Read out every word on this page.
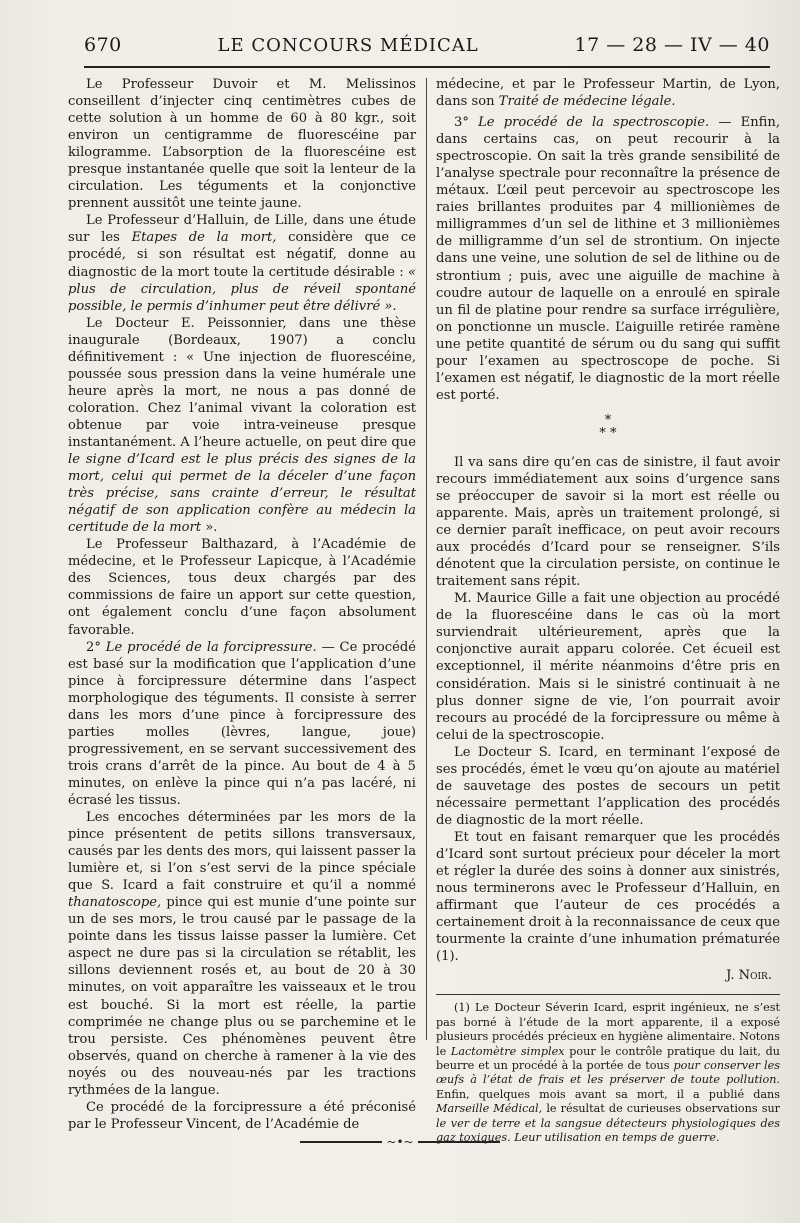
670	LE CONCOURS MÉDICAL	17 — 28 — IV — 40

Le Professeur Duvoir et M. Melissinos conseillent d’injecter cinq centimètres cubes de cette solution à un homme de 60 à 80 kgr., soit environ un centigramme de fluorescéine par kilogramme. L’absorption de la fluorescéine est presque instantanée quelle que soit la lenteur de la circulation. Les téguments et la conjonctive prennent aussitôt une teinte jaune.

Le Professeur d’Halluin, de Lille, dans une étude sur les Etapes de la mort, considère que ce procédé, si son résultat est négatif, donne au diagnostic de la mort toute la certitude désirable : « plus de circulation, plus de réveil spontané possible, le permis d’inhumer peut être délivré ».

Le Docteur E. Peissonnier, dans une thèse inaugurale (Bordeaux, 1907) a conclu définitivement : « Une injection de fluorescéine, poussée sous pression dans la veine humérale une heure après la mort, ne nous a pas donné de coloration. Chez l’animal vivant la coloration est obtenue par voie intra-veineuse presque instantanément. A l’heure actuelle, on peut dire que le signe d’Icard est le plus précis des signes de la mort, celui qui permet de la déceler d’une façon très précise, sans crainte d’erreur, le résultat négatif de son application confère au médecin la certitude de la mort ».

Le Professeur Balthazard, à l’Académie de médecine, et le Professeur Lapicque, à l’Académie des Sciences, tous deux chargés par des commissions de faire un apport sur cette question, ont également conclu d’une façon absolument favorable.

2° Le procédé de la forcipressure. — Ce procédé est basé sur la modification que l’application d’une pince à forcipressure détermine dans l’aspect morphologique des téguments. Il consiste à serrer dans les mors d’une pince à forcipressure des parties molles (lèvres, langue, joue) progressivement, en se servant successivement des trois crans d’arrêt de la pince. Au bout de 4 à 5 minutes, on enlève la pince qui n’a pas lacéré, ni écrasé les tissus.

Les encoches déterminées par les mors de la pince présentent de petits sillons transversaux, causés par les dents des mors, qui laissent passer la lumière et, si l’on s’est servi de la pince spéciale que S. Icard a fait construire et qu’il a nommé thanatoscope, pince qui est munie d’une pointe sur un de ses mors, le trou causé par le passage de la pointe dans les tissus laisse passer la lumière. Cet aspect ne dure pas si la circulation se rétablit, les sillons deviennent rosés et, au bout de 20 à 30 minutes, on voit apparaître les vaisseaux et le trou est bouché. Si la mort est réelle, la partie comprimée ne change plus ou se parchemine et le trou persiste. Ces phénomènes peuvent être observés, quand on cherche à ramener à la vie des noyés ou des nouveau-nés par les tractions rythmées de la langue.

Ce procédé de la forcipressure a été préconisé par le Professeur Vincent, de l’Académie de

médecine, et par le Professeur Martin, de Lyon, dans son Traité de médecine légale.

3° Le procédé de la spectroscopie. — Enfin, dans certains cas, on peut recourir à la spectroscopie. On sait la très grande sensibilité de l’analyse spectrale pour reconnaître la présence de métaux. L’œil peut percevoir au spectroscope les raies brillantes produites par 4 millionièmes de milligrammes d’un sel de lithine et 3 millionièmes de milligramme d’un sel de strontium. On injecte dans une veine, une solution de sel de lithine ou de strontium ; puis, avec une aiguille de machine à coudre autour de laquelle on a enroulé en spirale un fil de platine pour rendre sa surface irrégulière, on ponctionne un muscle. L’aiguille retirée ramène une petite quantité de sérum ou du sang qui suffit pour l’examen au spectroscope de poche. Si l’examen est négatif, le diagnostic de la mort réelle est porté.

*
* *

Il va sans dire qu’en cas de sinistre, il faut avoir recours immédiatement aux soins d’urgence sans se préoccuper de savoir si la mort est réelle ou apparente. Mais, après un traitement prolongé, si ce dernier paraît inefficace, on peut avoir recours aux procédés d’Icard pour se renseigner. S’ils dénotent que la circulation persiste, on continue le traitement sans répit.

M. Maurice Gille a fait une objection au procédé de la fluorescéine dans le cas où la mort surviendrait ultérieurement, après que la conjonctive aurait apparu colorée. Cet écueil est exceptionnel, il mérite néanmoins d’être pris en considération. Mais si le sinistré continuait à ne plus donner signe de vie, l’on pourrait avoir recours au procédé de la forcipressure ou même à celui de la spectroscopie.

Le Docteur S. Icard, en terminant l’exposé de ses procédés, émet le vœu qu’on ajoute au matériel de sauvetage des postes de secours un petit nécessaire permettant l’application des procédés de diagnostic de la mort réelle.

Et tout en faisant remarquer que les procédés d’Icard sont surtout précieux pour déceler la mort et régler la durée des soins à donner aux sinistrés, nous terminerons avec le Professeur d’Halluin, en affirmant que l’auteur de ces procédés a certainement droit à la reconnaissance de ceux que tourmente la crainte d’une inhumation prématurée (1).

J. Noir.

(1) Le Docteur Séverin Icard, esprit ingénieux, ne s’est pas borné à l’étude de la mort apparente, il a exposé plusieurs procédés précieux en hygiène alimentaire. Notons le Lactomètre simplex pour le contrôle pratique du lait, du beurre et un procédé à la portée de tous pour conserver les œufs à l’état de frais et les préserver de toute pollution. Enfin, quelques mois avant sa mort, il a publié dans Marseille Médical, le résultat de curieuses observations sur le ver de terre et la sangsue détecteurs physiologiques des gaz toxiques. Leur utilisation en temps de guerre.

~•~
